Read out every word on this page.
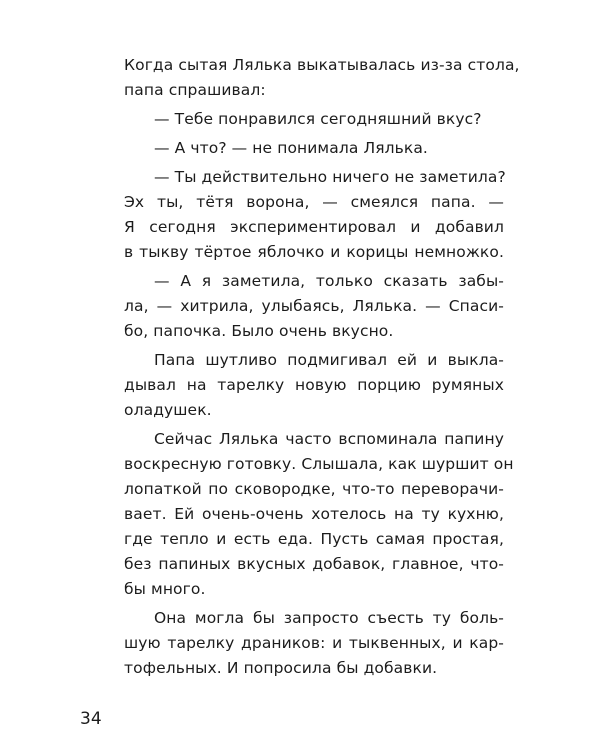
Когда сытая Лялька выкатывалась из-за стола,
папа спрашивал:

— Тебе понравился сегодняшний вкус?

— А что? — не понимала Лялька.

— Ты действительно ничего не заметила?
Эх ты, тётя ворона, — смеялся папа. —
Я сегодня экспериментировал и добавил
в тыкву тёртое яблочко и корицы немножко.

— А я заметила, только сказать забы-
ла, — хитрила, улыбаясь, Лялька. — Спаси-
бо, папочка. Было очень вкусно.

Папа шутливо подмигивал ей и выкла-
дывал на тарелку новую порцию румяных
оладушек.

Сейчас Лялька часто вспоминала папину
воскресную готовку. Слышала, как шуршит он
лопаткой по сковородке, что-то переворачи-
вает. Ей очень-очень хотелось на ту кухню,
где тепло и есть еда. Пусть самая простая,
без папиных вкусных добавок, главное, что-
бы много.

Она могла бы запросто съесть ту боль-
шую тарелку драников: и тыквенных, и кар-
тофельных. И попросила бы добавки.

34
